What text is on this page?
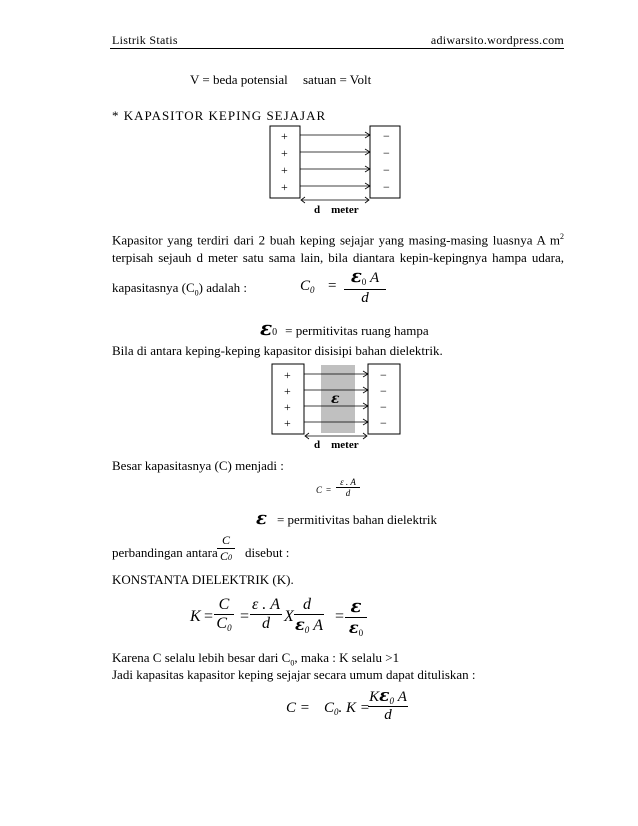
Listrik Statis	adiwarsito.wordpress.com
V = beda potensial satuan = Volt
* KAPASITOR KEPING SEJAJAR
+
+
+
+
−
−
−
−
d    meter
Kapasitor yang terdiri dari 2 buah keping sejajar yang masing-masing luasnya A $m^2$
terpisah sejauh d meter satu sama lain, bila diantara kepin-kepingnya hampa udara,
kapasitasnya $(C_0)$ adalah :	$C_0 = \varepsilon_0$ A
d
ε0 = permitivitas ruang hampa
Bila di antara keping-keping kapasitor disisipi bahan dielektrik.
+
+
+
+
−
−
−
−
ε
d    meter
Besar kapasitasnya (C) menjadi :
$C = \frac{\varepsilon . A}{d}$
ε = permitivitas bahan dielektrik
perbandingan antara
C
C0 disebut :
KONSTANTA DIELEKTRIK (K).
K =
C
$C_0$
=
ε . A
d X
d
$\varepsilon_0$ A
= ε
$\varepsilon_0$
Karena C selalu lebih besar dari $C_0$, maka : K selalu >1
Jadi kapasitas kapasitor keping sejajar secara umum dapat dituliskan :
$C = C_0$. K =
$K\varepsilon_0$ A
d
